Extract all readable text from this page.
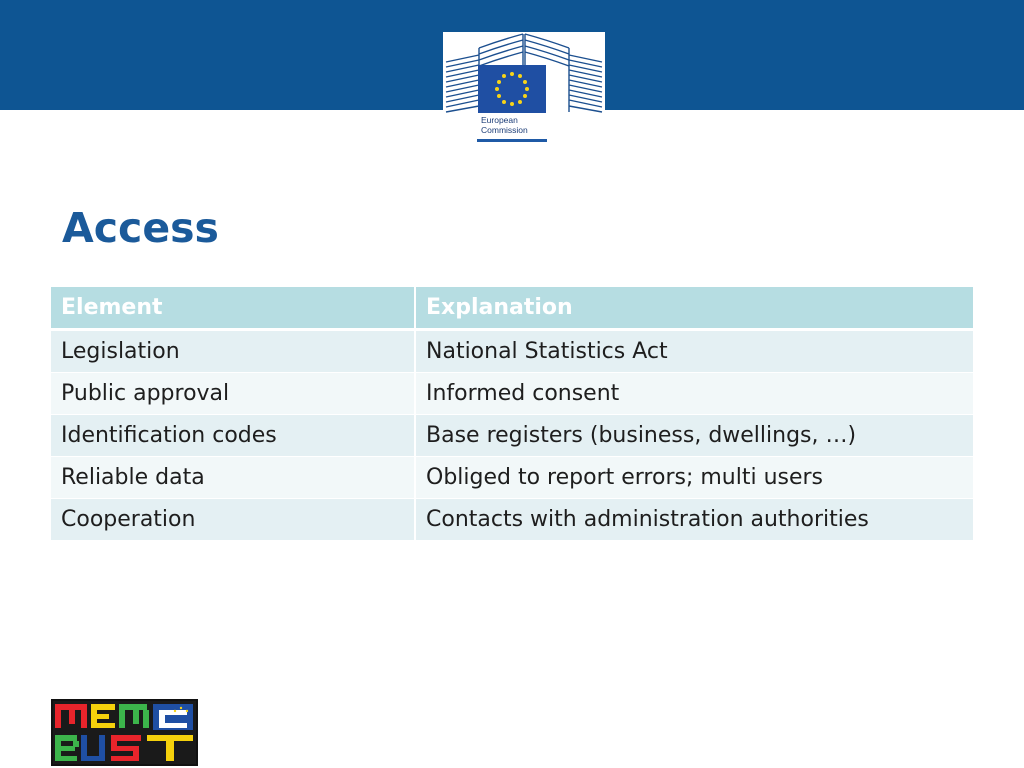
European
Commission
Access
Element	Explanation
Legislation	National Statistics Act
Public approval	Informed consent
Identification codes	Base registers (business, dwellings, …)
Reliable data	Obliged to report errors; multi users
Cooperation	Contacts with administration authorities
